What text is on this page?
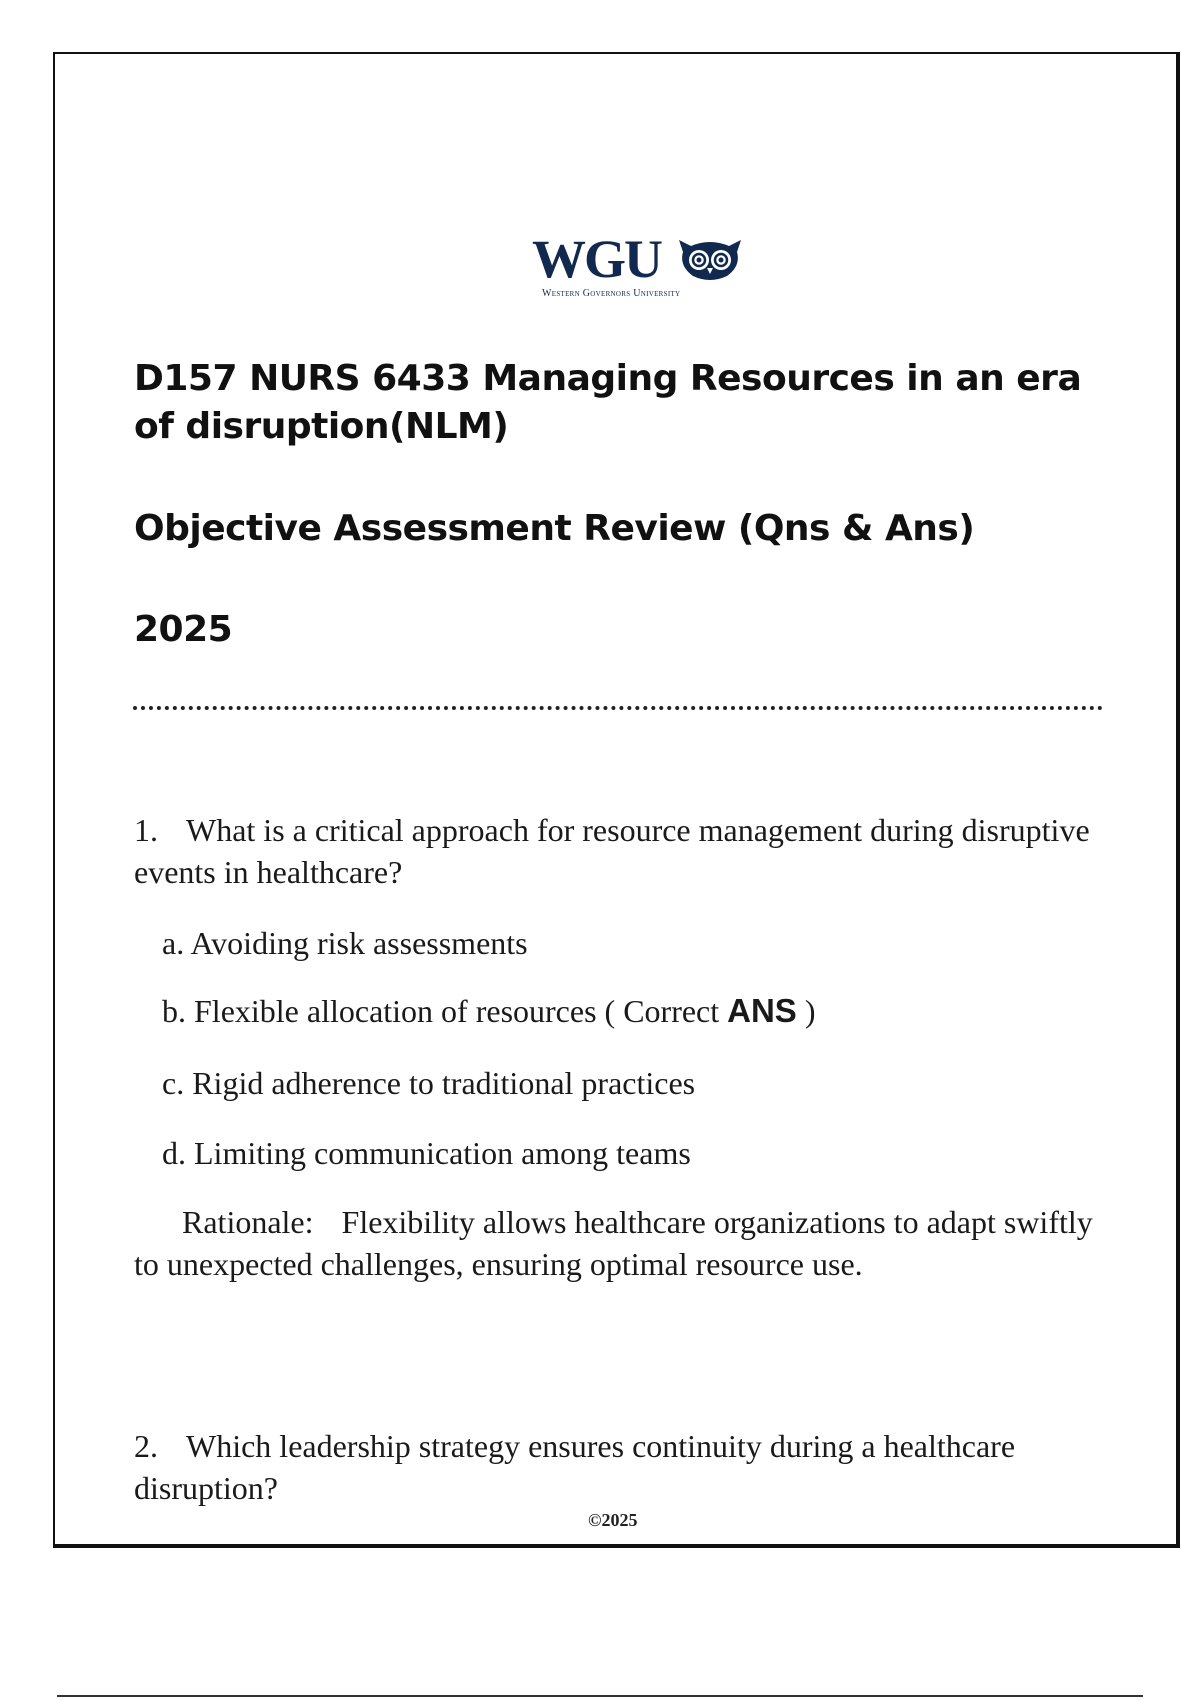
WGU
Western Governors University
D157 NURS 6433 Managing Resources in an era of disruption(NLM)
Objective Assessment Review (Qns & Ans)
2025
1. What is a critical approach for resource management during disruptive events in healthcare?
a. Avoiding risk assessments
b. Flexible allocation of resources ( Correct ANS )
c. Rigid adherence to traditional practices
d. Limiting communication among teams
Rationale: Flexibility allows healthcare organizations to adapt swiftly to unexpected challenges, ensuring optimal resource use.
2. Which leadership strategy ensures continuity during a healthcare disruption?
©2025
